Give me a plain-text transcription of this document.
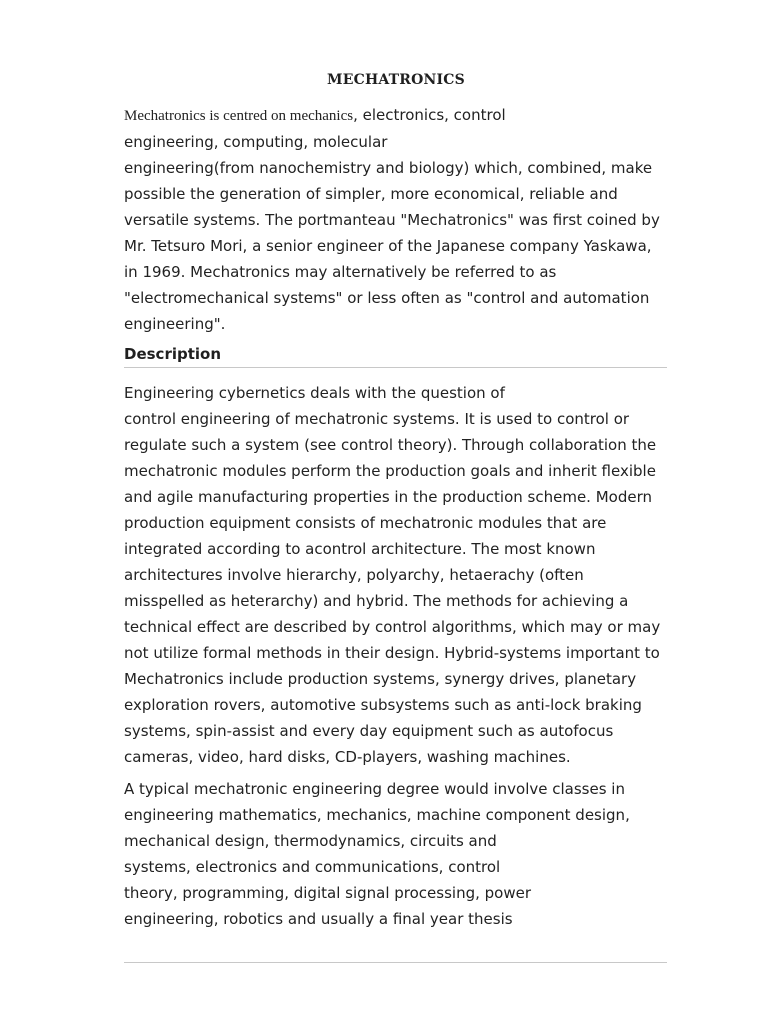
MECHATRONICS

Mechatronics is centred on mechanics, electronics, control
engineering, computing, molecular
engineering(from nanochemistry and biology) which, combined, make
possible the generation of simpler, more economical, reliable and
versatile systems. The portmanteau "Mechatronics" was first coined by
Mr. Tetsuro Mori, a senior engineer of the Japanese company Yaskawa,
in 1969. Mechatronics may alternatively be referred to as
"electromechanical systems" or less often as "control and automation
engineering".

Description

Engineering cybernetics deals with the question of
control engineering of mechatronic systems. It is used to control or
regulate such a system (see control theory). Through collaboration the
mechatronic modules perform the production goals and inherit flexible
and agile manufacturing properties in the production scheme. Modern
production equipment consists of mechatronic modules that are
integrated according to acontrol architecture. The most known
architectures involve hierarchy, polyarchy, hetaerachy (often
misspelled as heterarchy) and hybrid. The methods for achieving a
technical effect are described by control algorithms, which may or may
not utilize formal methods in their design. Hybrid-systems important to
Mechatronics include production systems, synergy drives, planetary
exploration rovers, automotive subsystems such as anti-lock braking
systems, spin-assist and every day equipment such as autofocus
cameras, video, hard disks, CD-players, washing machines.

A typical mechatronic engineering degree would involve classes in
engineering mathematics, mechanics, machine component design,
mechanical design, thermodynamics, circuits and
systems, electronics and communications, control
theory, programming, digital signal processing, power
engineering, robotics and usually a final year thesis
